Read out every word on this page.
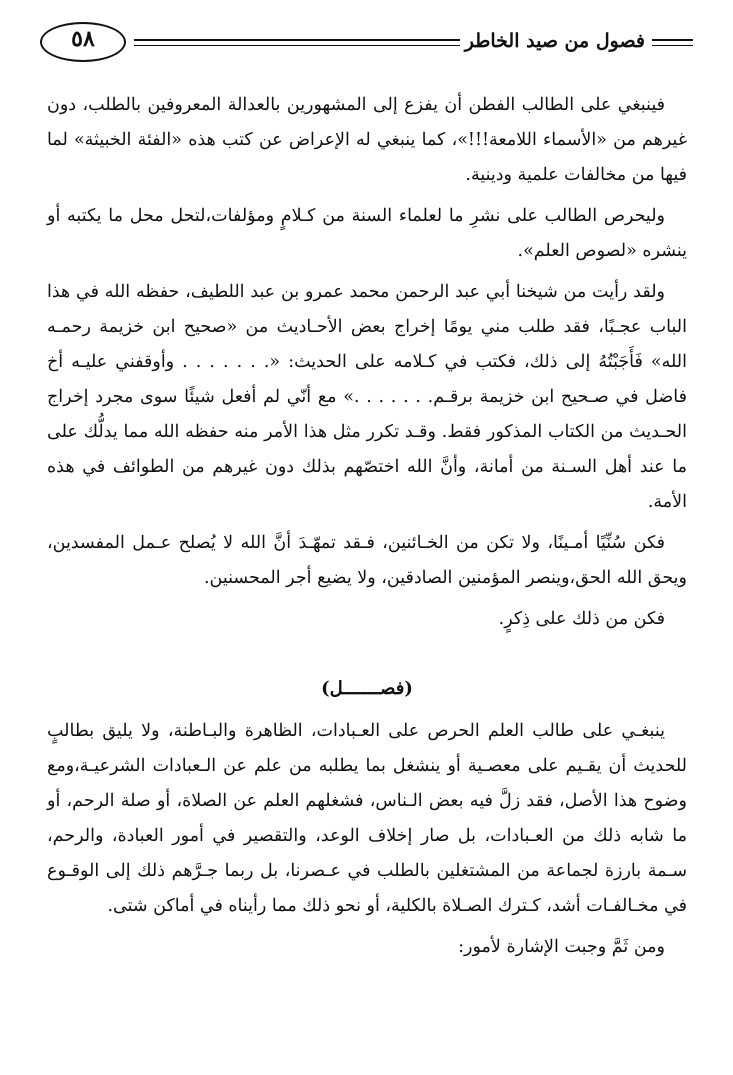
فصول من صيد الخاطر
٥٨

فينبغي على الطالب الفطن أن يفزع إلى المشهورين بالعدالة المعروفين بالطلب، دون غيرهم من «الأسماء اللامعة!!!»، كما ينبغي له الإعراض عن كتب هذه «الفئة الخبيثة» لما فيها من مخالفات علمية ودينية.

وليحرص الطالب على نشرِ ما لعلماء السنة من كـلامٍ ومؤلفات،لتحل محل ما يكتبه أو ينشره «لصوص العلم».

ولقد رأيت من شيخنا أبي عبد الرحمن محمد عمرو بن عبد اللطيف، حفظه الله في هذا الباب عجـبًا، فقد طلب مني يومًا إخراج بعض الأحـاديث من «صحيح ابن خزيمة رحمـه الله» فَأَجَبْتُهُ إلى ذلك، فكتب في كـلامه على الحديث: «. . . . . . . وأوقفني عليـه أخ فاضل في صـحيح ابن خزيمة برقـم. . . . . . .» مع أنّي لم أفعل شيئًا سوى مجرد إخراج الحـديث من الكتاب المذكور فقط. وقـد تكرر مثل هذا الأمر منه حفظه الله مما يدلُّك على ما عند أهل السـنة من أمانة، وأنَّ الله اختصّهم بذلك دون غيرهم من الطوائف في هذه الأمة.

فكن سُنِّيًا أمـينًا، ولا تكن من الخـائنين، فـقد تمهّـدَ أنَّ الله لا يُصلح عـمل المفسدين، ويحق الله الحق،وينصر المؤمنين الصادقين، ولا يضيع أجر المحسنين.

فكن من ذلك على ذِكرٍ.

(فصـــــــل)

ينبغـي على طالب العلم الحرص على العـبادات، الظاهرة والبـاطنة، ولا يليق بطالبٍ للحديث أن يقـيم على معصـية أو ينشغل بما يطلبه من علم عن الـعبادات الشرعيـة،ومع وضوح هذا الأصل، فقد زلَّ فيه بعض الـناس، فشغلهم العلم عن الصلاة، أو صلة الرحم، أو ما شابه ذلك من العـبادات، بل صار إخلاف الوعد، والتقصير في أمور العبادة، والرحم، سـمة بارزة لجماعة من المشتغلين بالطلب في عـصرنا، بل ربما جـرَّهم ذلك إلى الوقـوع في مخـالفـات أشد، كـترك الصـلاة بالكلية، أو نحو ذلك مما رأيناه في أماكن شتى.

ومن ثَمَّ وجبت الإشارة لأمور:
